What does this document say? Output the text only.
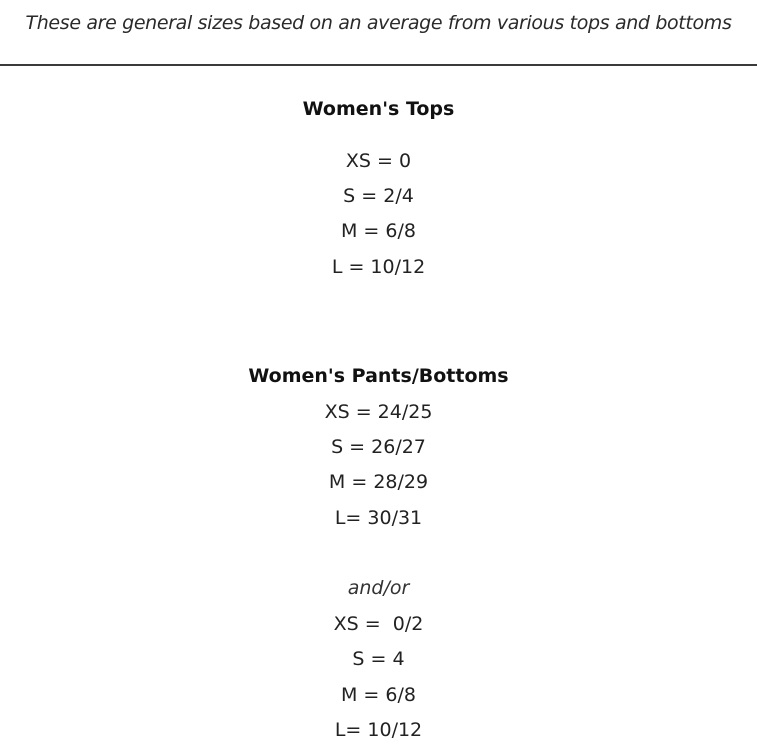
These are general sizes based on an average from various tops and bottoms
Women's Tops
XS = 0
S = 2/4
M = 6/8
L = 10/12
Women's Pants/Bottoms
XS = 24/25
S = 26/27
M = 28/29
L= 30/31
and/or
XS =  0/2
S = 4
M = 6/8
L= 10/12
